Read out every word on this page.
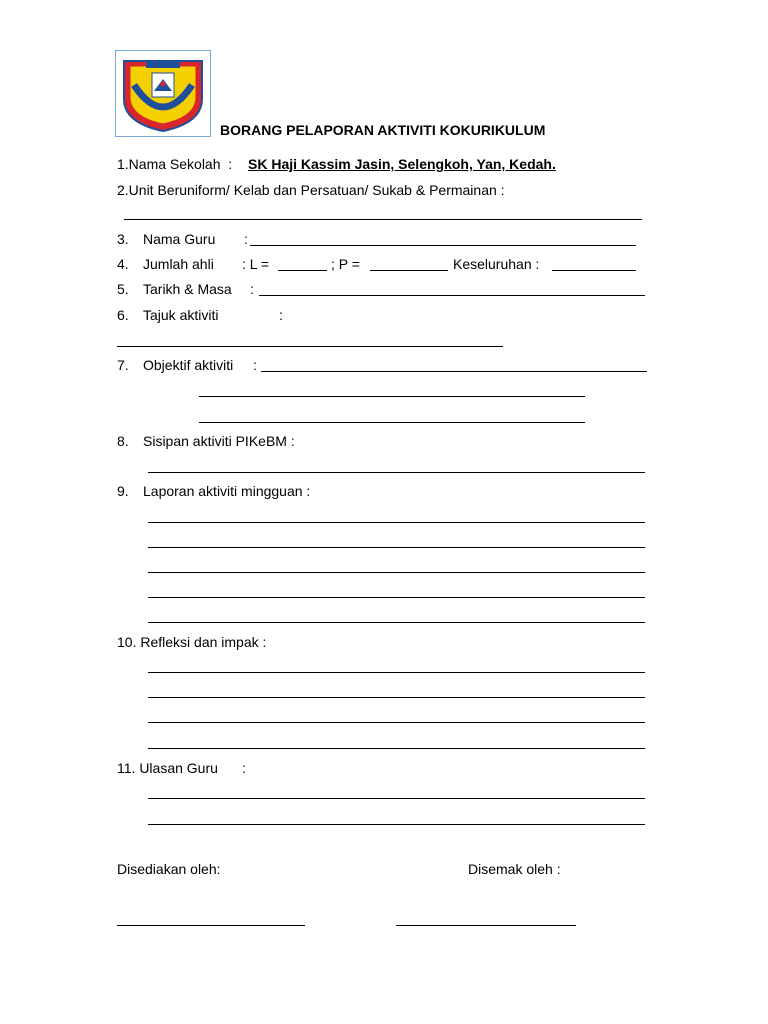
BORANG PELAPORAN AKTIVITI KOKURIKULUM
1.Nama Sekolah  : SK Haji Kassim Jasin, Selengkoh, Yan, Kedah.
2.Unit Beruniform/ Kelab dan Persatuan/ Sukab & Permainan :
3. Nama Guru :
4. Jumlah ahli : L =	; P =	Keseluruhan :
5. Tarikh & Masa :
6. Tajuk aktiviti	:
7. Objektif aktiviti :
8. Sisipan aktiviti PIKeBM :
9. Laporan aktiviti mingguan :
10. Refleksi dan impak :
11. Ulasan Guru :
Disediakan oleh:	Disemak oleh :
